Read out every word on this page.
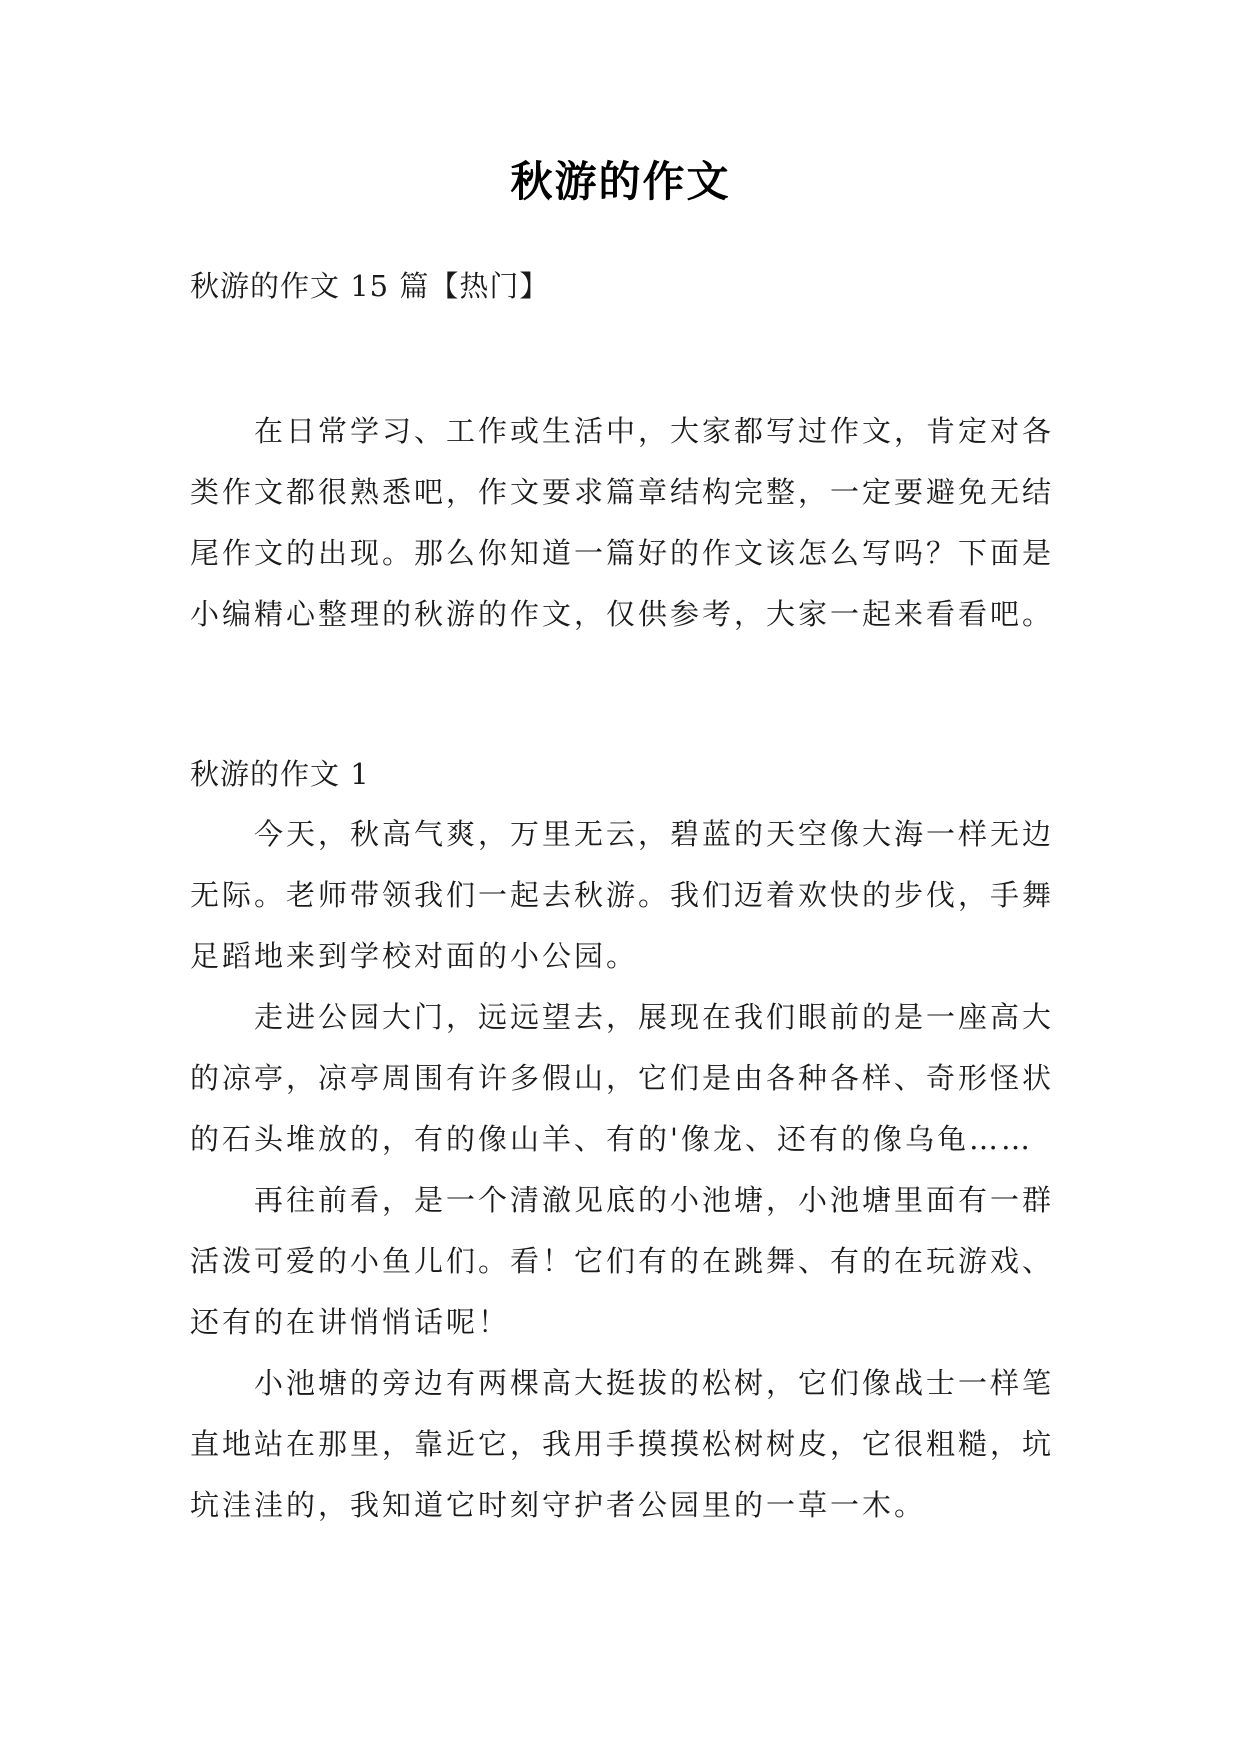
秋游的作文
秋游的作文 15 篇【热门】

在日常学习、工作或生活中，大家都写过作文，肯定对各类作文都很熟悉吧，作文要求篇章结构完整，一定要避免无结尾作文的出现。那么你知道一篇好的作文该怎么写吗？下面是小编精心整理的秋游的作文，仅供参考，大家一起来看看吧。

秋游的作文 1

今天，秋高气爽，万里无云，碧蓝的天空像大海一样无边无际。老师带领我们一起去秋游。我们迈着欢快的步伐，手舞足蹈地来到学校对面的小公园。

走进公园大门，远远望去，展现在我们眼前的是一座高大的凉亭，凉亭周围有许多假山，它们是由各种各样、奇形怪状的石头堆放的，有的像山羊、有的'像龙、还有的像乌龟……

再往前看，是一个清澈见底的小池塘，小池塘里面有一群活泼可爱的小鱼儿们。看！它们有的在跳舞、有的在玩游戏、还有的在讲悄悄话呢！

小池塘的旁边有两棵高大挺拔的松树，它们像战士一样笔直地站在那里，靠近它，我用手摸摸松树树皮，它很粗糙，坑坑洼洼的，我知道它时刻守护者公园里的一草一木。
